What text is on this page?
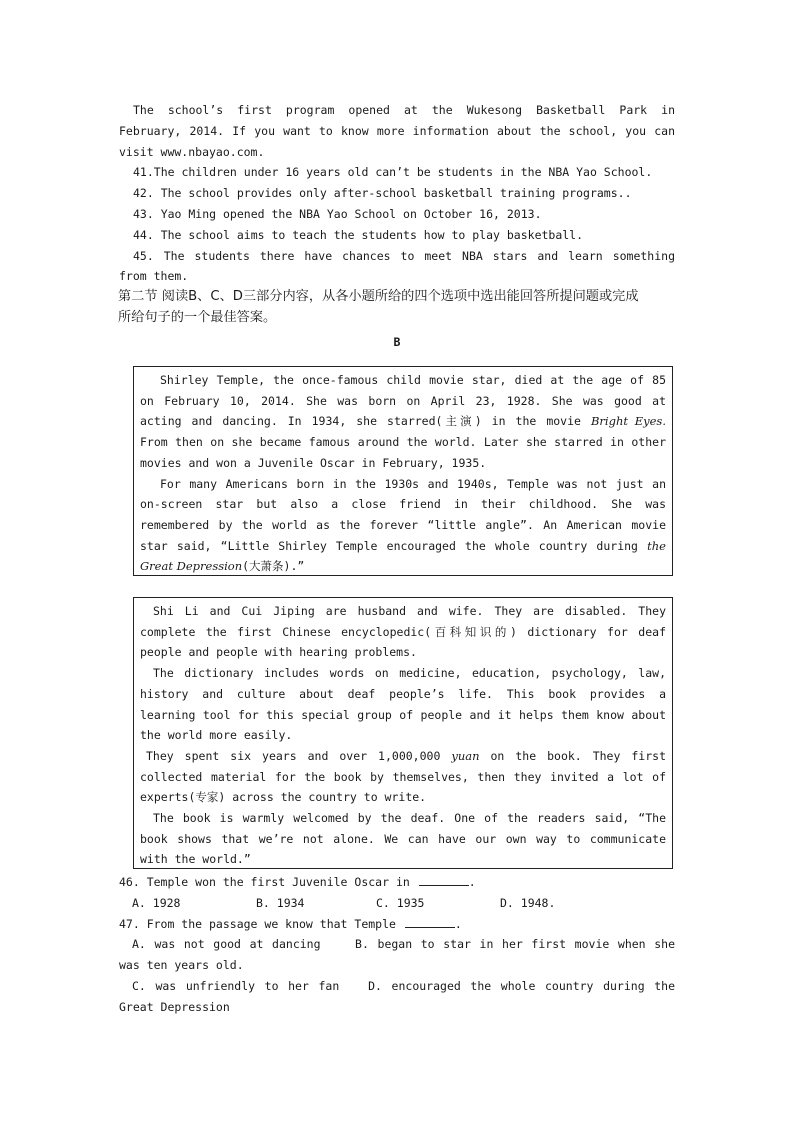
The school’s first program opened at the Wukesong Basketball Park in
February, 2014. If you want to know more information about the school, you can
visit www.nbayao.com.
41.The children under 16 years old can’t be students in the NBA Yao School.
42. The school provides only after-school basketball training programs..
43. Yao Ming opened the NBA Yao School on October 16, 2013.
44. The school aims to teach the students how to play basketball.
45. The students there have chances to meet NBA stars and learn something
from them.
第二节 阅读B、C、D三部分内容，从各小题所给的四个选项中选出能回答所提问题或完成
所给句子的一个最佳答案。
B
Shirley Temple, the once-famous child movie star, died at the age of 85
on February 10, 2014. She was born on April 23, 1928. She was good at
acting and dancing. In 1934, she starred(主演) in the movie Bright Eyes.
From then on she became famous around the world. Later she starred in other
movies and won a Juvenile Oscar in February, 1935.
For many Americans born in the 1930s and 1940s, Temple was not just an
on-screen star but also a close friend in their childhood. She was
remembered by the world as the forever “little angle”. An American movie
star said, “Little Shirley Temple encouraged the whole country during the
Great Depression(大萧条).”
Shi Li and Cui Jiping are husband and wife. They are disabled. They
complete the first Chinese encyclopedic(百科知识的) dictionary for deaf
people and people with hearing problems.
The dictionary includes words on medicine, education, psychology, law,
history and culture about deaf people’s life. This book provides a
learning tool for this special group of people and it helps them know about
the world more easily.
They spent six years and over 1,000,000 yuan on the book. They first
collected material for the book by themselves, then they invited a lot of
experts(专家) across the country to write.
The book is warmly welcomed by the deaf. One of the readers said, “The
book shows that we’re not alone. We can have our own way to communicate
with the world.”
46. Temple won the first Juvenile Oscar in	.
A. 1928	B. 1934	C. 1935	D. 1948.
47. From the passage we know that Temple	.
A. was not good at dancing	B. began to star in her first movie when she
was ten years old.
C. was unfriendly to her fan	D. encouraged the whole country during the
Great Depression
